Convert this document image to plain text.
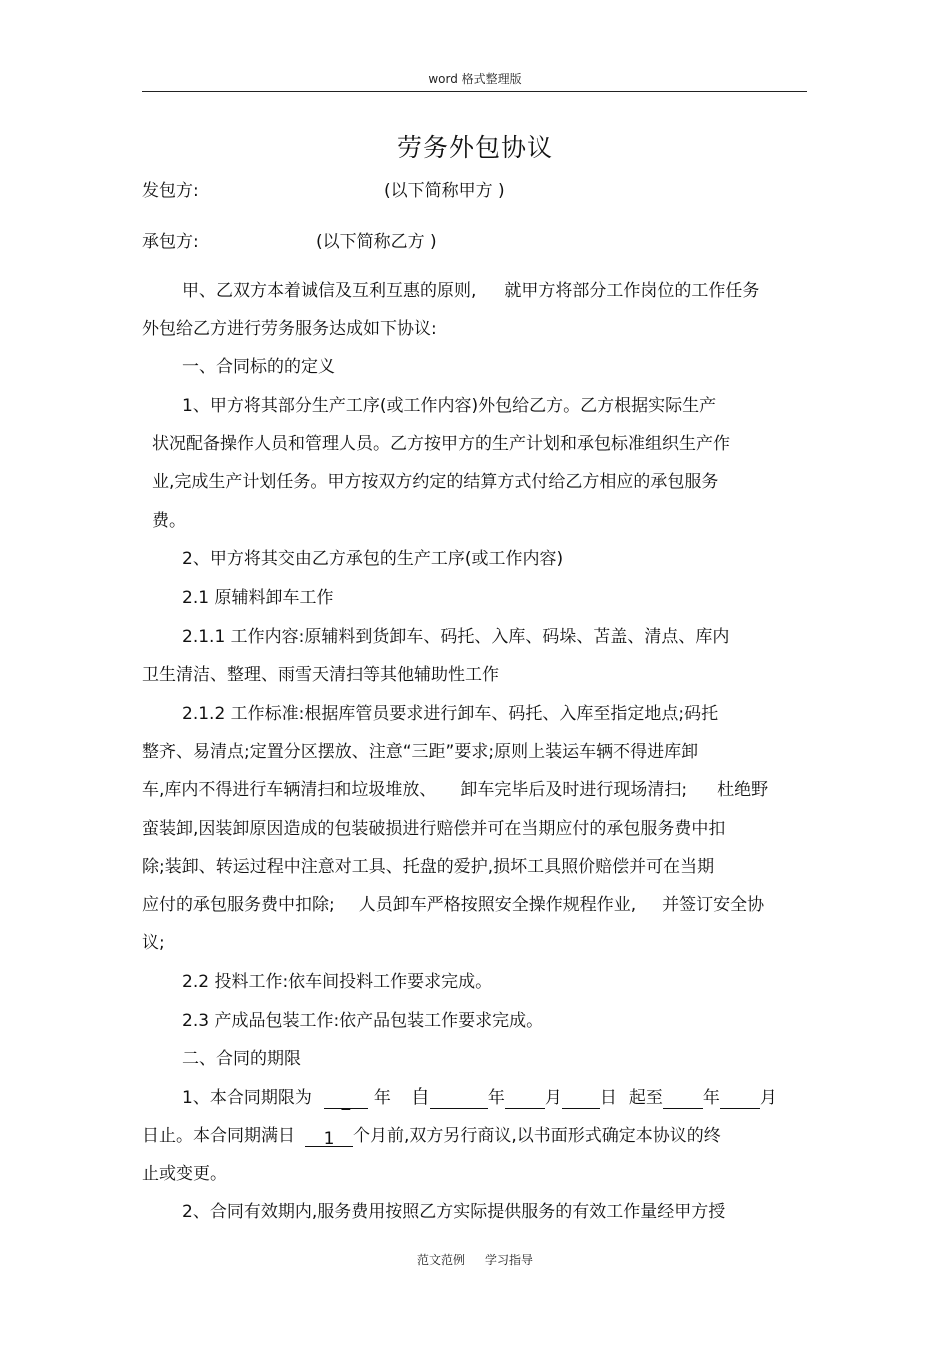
word 格式整理版
劳务外包协议
发包方:	(以下简称甲方 )
承包方:	(以下简称乙方 )
甲、乙双方本着诚信及互利互惠的原则, 就甲方将部分工作岗位的工作任务
外包给乙方进行劳务服务达成如下协议:
一、合同标的的定义
1、甲方将其部分生产工序(或工作内容)外包给乙方。乙方根据实际生产
状况配备操作人员和管理人员。乙方按甲方的生产计划和承包标准组织生产作
业,完成生产计划任务。甲方按双方约定的结算方式付给乙方相应的承包服务
费。
2、甲方将其交由乙方承包的生产工序(或工作内容)
2.1 原辅料卸车工作
2.1.1 工作内容:原辅料到货卸车、码托、入库、码垛、苫盖、清点、库内
卫生清洁、整理、雨雪天清扫等其他辅助性工作
2.1.2 工作标准:根据库管员要求进行卸车、码托、入库至指定地点;码托
整齐、易清点;定置分区摆放、注意“三距”要求;原则上装运车辆不得进库卸
车,库内不得进行车辆清扫和垃圾堆放、 卸车完毕后及时进行现场清扫; 杜绝野
蛮装卸,因装卸原因造成的包装破损进行赔偿并可在当期应付的承包服务费中扣
除;装卸、转运过程中注意对工具、托盘的爱护,损坏工具照价赔偿并可在当期
应付的承包服务费中扣除; 人员卸车严格按照安全操作规程作业, 并签订安全协
议;
2.2 投料工作:依车间投料工作要求完成。
2.3 产成品包装工作:依产品包装工作要求完成。
二、合同的期限
1、本合同期限为 _ 年 自	年 月 日 起至 年 月
日止。本合同期满日 1 个月前,双方另行商议,以书面形式确定本协议的终
止或变更。
2、合同有效期内,服务费用按照乙方实际提供服务的有效工作量经甲方授
范文范例 学习指导
